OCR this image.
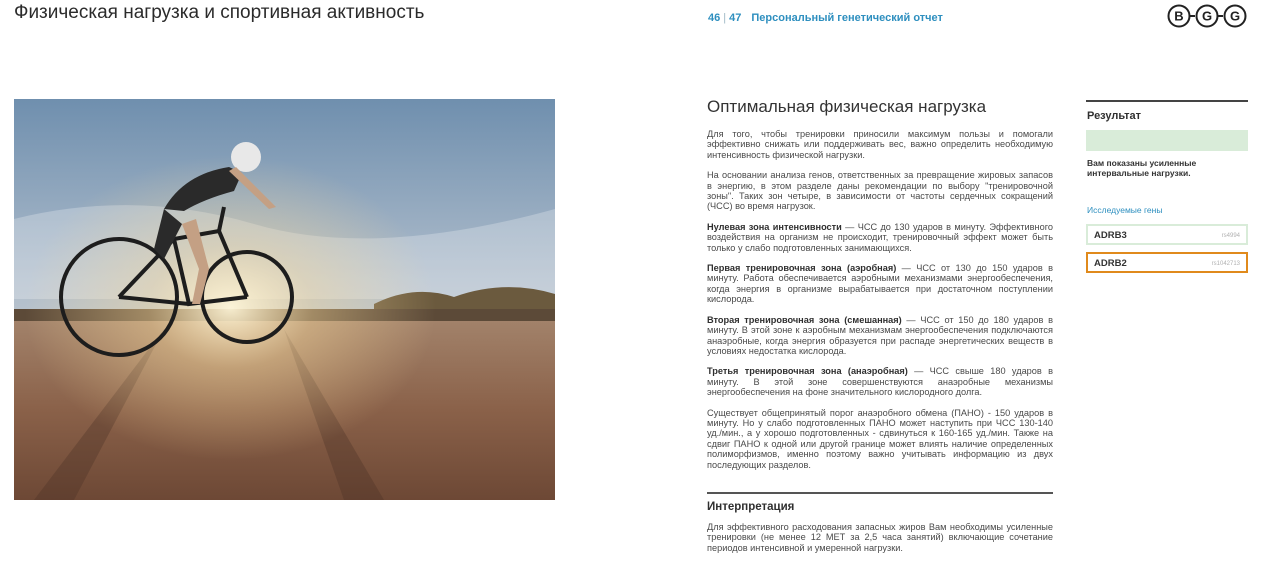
Физическая нагрузка и спортивная активность	46 | 47 Персональный генетический отчет	B G G
Оптимальная физическая нагрузка

Для того, чтобы тренировки приносили максимум пользы и помогали эффективно снижать или поддерживать вес, важно определить необходимую интенсивность физической нагрузки.

На основании анализа генов, ответственных за превращение жировых запасов в энергию, в этом разделе даны рекомендации по выбору "тренировочной зоны". Таких зон четыре, в зависимости от частоты сердечных сокращений (ЧСС) во время нагрузок.

Нулевая зона интенсивности — ЧСС до 130 ударов в минуту. Эффективного воздействия на организм не происходит, тренировочный эффект может быть только у слабо подготовленных занимающихся.

Первая тренировочная зона (аэробная) — ЧСС от 130 до 150 ударов в минуту. Работа обеспечивается аэробными механизмами энергообеспечения, когда энергия в организме вырабатывается при достаточном поступлении кислорода.

Вторая тренировочная зона (смешанная) — ЧСС от 150 до 180 ударов в минуту. В этой зоне к аэробным механизмам энергообеспечения подключаются анаэробные, когда энергия образуется при распаде энергетических веществ в условиях недостатка кислорода.

Третья тренировочная зона (анаэробная) — ЧСС свыше 180 ударов в минуту. В этой зоне совершенствуются анаэробные механизмы энергообеспечения на фоне значительного кислородного долга.

Существует общепринятый порог анаэробного обмена (ПАНО) - 150 ударов в минуту. Но у слабо подготовленных ПАНО может наступить при ЧСС 130-140 уд./мин., а у хорошо подготовленных - сдвинуться к 160-165 уд./мин. Также на сдвиг ПАНО к одной или другой границе может влиять наличие определенных полиморфизмов, именно поэтому важно учитывать информацию из двух последующих разделов.

Интерпретация

Для эффективного расходования запасных жиров Вам необходимы усиленные тренировки (не менее 12 МЕТ за 2,5 часа занятий) включающие сочетание периодов интенсивной и умеренной нагрузки.

Результат
Вам показаны усиленные интервальные нагрузки.
Исследуемые гены
ADRB3	rs4994
ADRB2	rs1042713
